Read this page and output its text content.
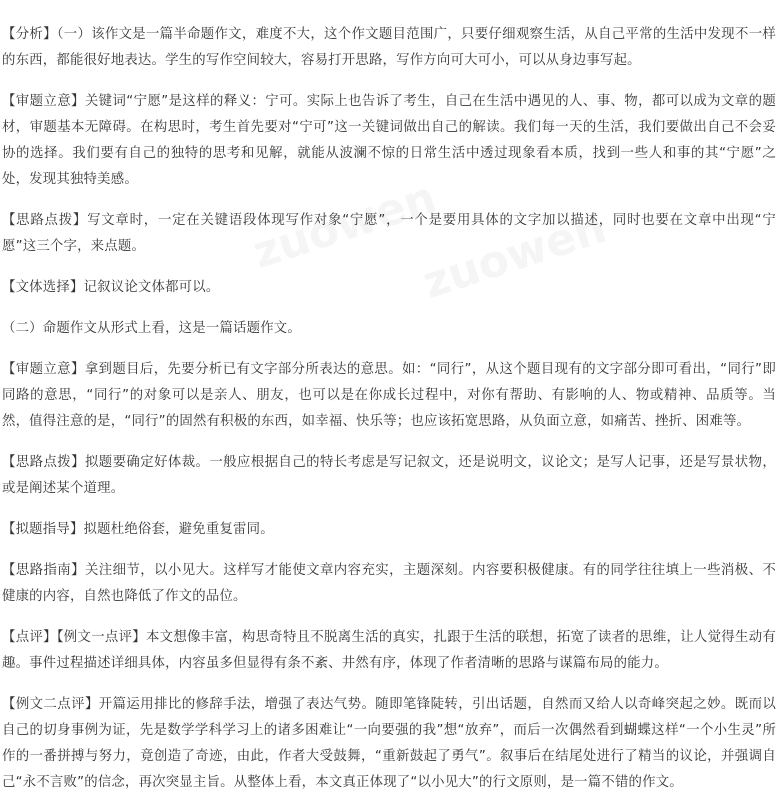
zuowen
zuowen

【分析】（一）该作文是一篇半命题作文，难度不大，这个作文题目范围广，只要仔细观察生活，从自己平常的生活中发现不一样的东西，都能很好地表达。学生的写作空间较大，容易打开思路，写作方向可大可小，可以从身边事写起。

【审题立意】关键词“宁愿”是这样的释义：宁可。实际上也告诉了考生，自己在生活中遇见的人、事、物，都可以成为文章的题材，审题基本无障碍。在构思时，考生首先要对“宁可”这一关键词做出自己的解读。我们每一天的生活，我们要做出自己不会妥协的选择。我们要有自己的独特的思考和见解，就能从波澜不惊的日常生活中透过现象看本质，找到一些人和事的其“宁愿”之处，发现其独特美感。

【思路点拨】写文章时，一定在关键语段体现写作对象“宁愿”，一个是要用具体的文字加以描述，同时也要在文章中出现“宁愿”这三个字，来点题。

【文体选择】记叙议论文体都可以。

（二）命题作文从形式上看，这是一篇话题作文。

【审题立意】拿到题目后，先要分析已有文字部分所表达的意思。如：“同行”，从这个题目现有的文字部分即可看出，“同行”即同路的意思，“同行”的对象可以是亲人、朋友，也可以是在你成长过程中，对你有帮助、有影响的人、物或精神、品质等。当然，值得注意的是，“同行”的固然有积极的东西，如幸福、快乐等；也应该拓宽思路，从负面立意，如痛苦、挫折、困难等。

【思路点拨】拟题要确定好体裁。一般应根据自己的特长考虑是写记叙文，还是说明文，议论文；是写人记事，还是写景状物，或是阐述某个道理。

【拟题指导】拟题杜绝俗套，避免重复雷同。

【思路指南】关注细节，以小见大。这样写才能使文章内容充实，主题深刻。内容要积极健康。有的同学往往填上一些消极、不健康的内容，自然也降低了作文的品位。

【点评】【例文一点评】本文想像丰富，构思奇特且不脱离生活的真实，扎跟于生活的联想，拓宽了读者的思维，让人觉得生动有趣。事件过程描述详细具体，内容虽多但显得有条不紊、井然有序，体现了作者清晰的思路与谋篇布局的能力。

【例文二点评】开篇运用排比的修辞手法，增强了表达气势。随即笔锋陡转，引出话题，自然而又给人以奇峰突起之妙。既而以自己的切身事例为证，先是数学学科学习上的诸多困难让“一向要强的我”想“放弃”，而后一次偶然看到蝴蝶这样“一个小生灵”所作的一番拼搏与努力，竟创造了奇迹，由此，作者大受鼓舞，“重新鼓起了勇气”。叙事后在结尾处进行了精当的议论，并强调自己“永不言败”的信念，再次突显主旨。从整体上看，本文真正体现了“以小见大”的行文原则，是一篇不错的作文。
